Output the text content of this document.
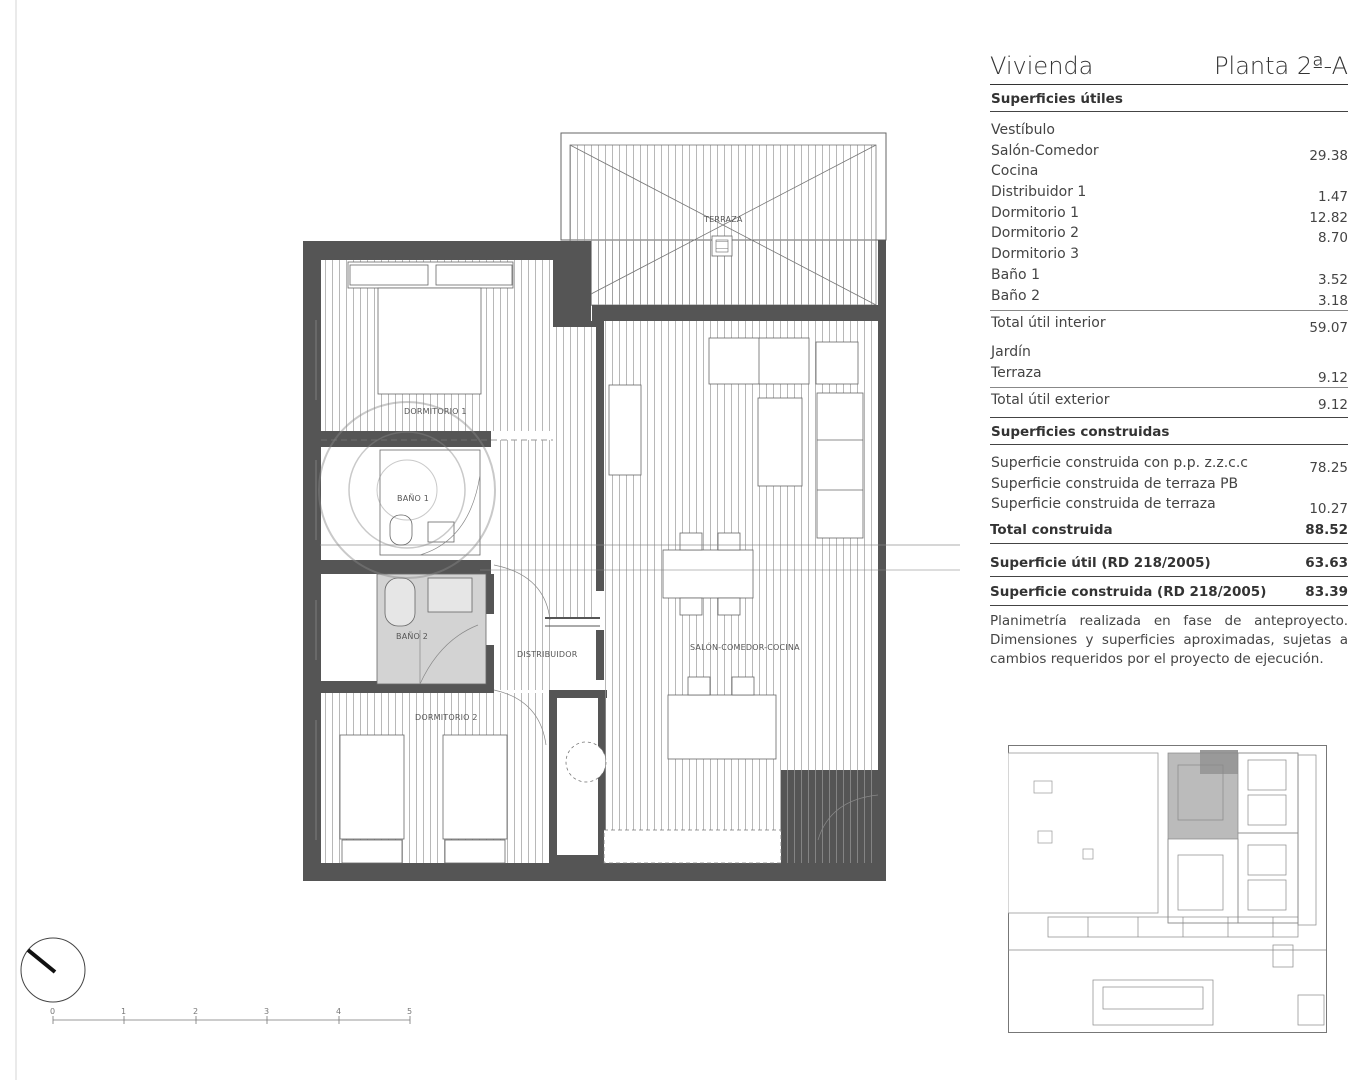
TERRAZA
DORMITORIO 1
BAÑO 1
BAÑO 2
DISTRIBUIDOR
DORMITORIO 2
SALÓN-COMEDOR-COCINA
0	1	2	3	4	5
Vivienda	Planta 2ª-A
Superficies útiles
Vestíbulo
Salón-Comedor	29.38
Cocina
Distribuidor 1	1.47
Dormitorio 1	12.82
Dormitorio 2	8.70
Dormitorio 3
Baño 1	3.52
Baño 2	3.18
Total útil interior	59.07
Jardín
Terraza	9.12
Total útil exterior	9.12
Superficies construidas
Superficie construida con p.p. z.z.c.c	78.25
Superficie construida de terraza PB
Superficie construida de terraza	10.27
Total construida	88.52
Superficie útil (RD 218/2005)	63.63
Superficie construida (RD 218/2005)	83.39
Planimetría realizada en fase de anteproyecto. Dimensiones y superficies aproximadas, sujetas a cambios requeridos por el proyecto de ejecución.
